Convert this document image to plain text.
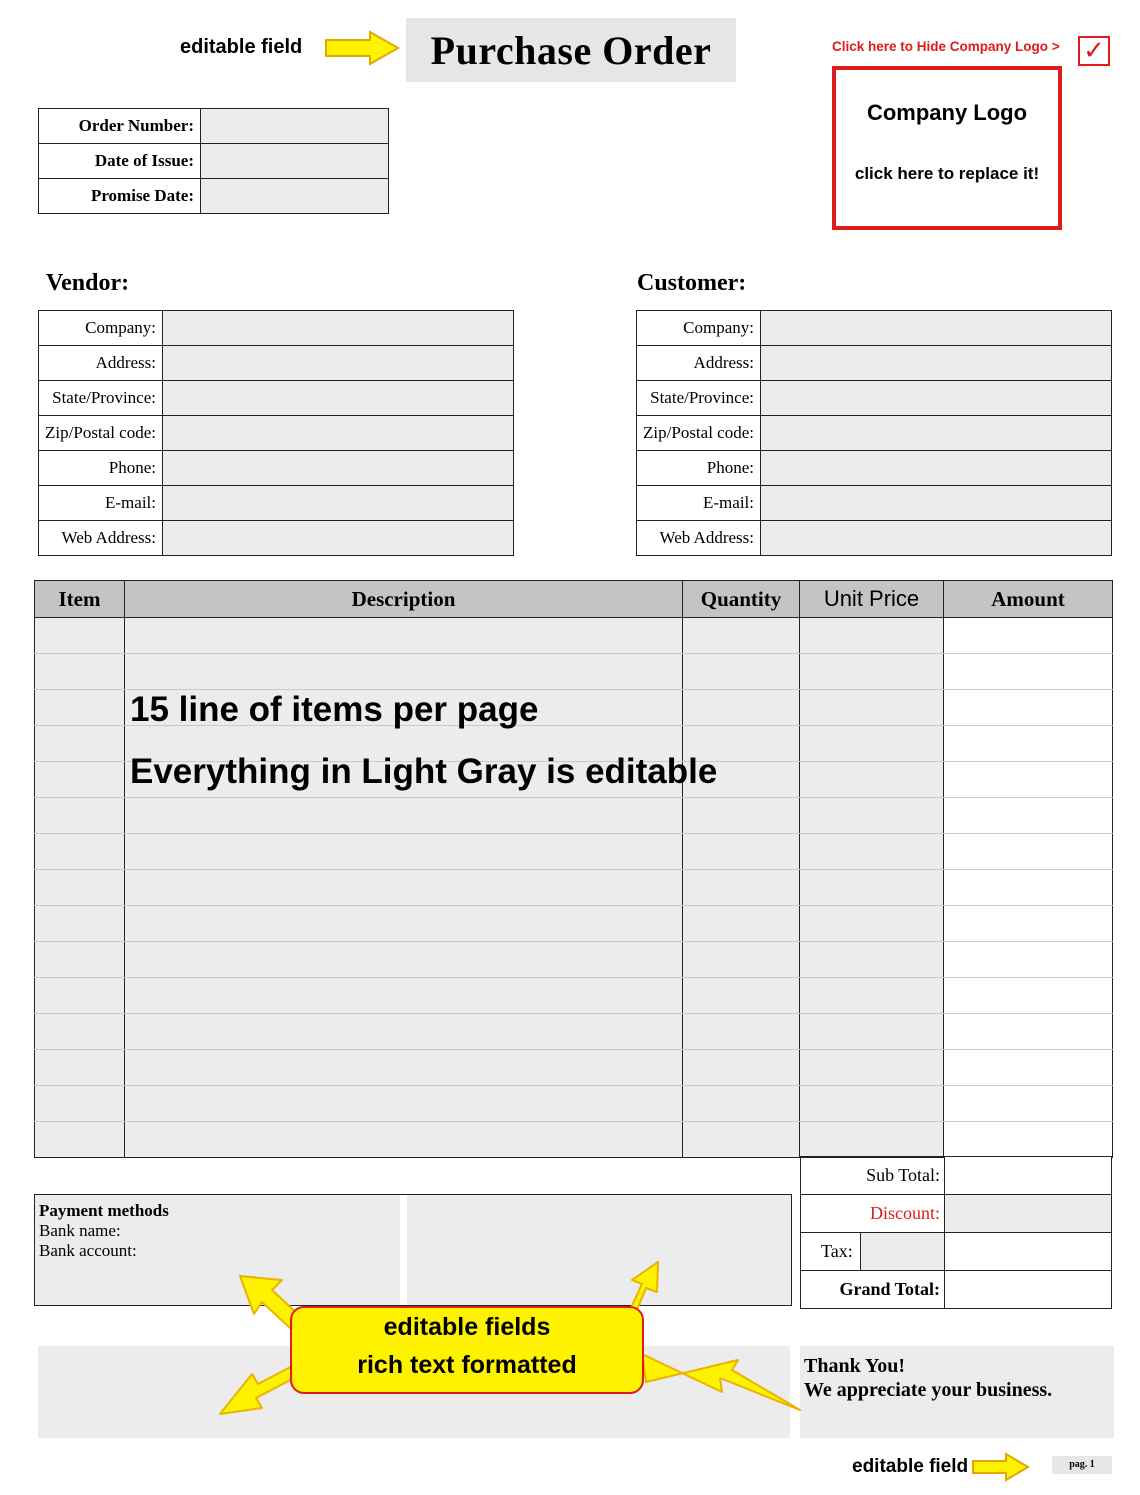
editable field	Purchase Order	Click here to Hide Company Logo > ✓
Company Logo
click here to replace it!
Order Number:	
Date of Issue:	
Promise Date:	
Vendor:
Company:	
Address:	
State/Province:	
Zip/Postal code:	
Phone:	
E-mail:	
Web Address:	
Customer:
Company:	
Address:	
State/Province:	
Zip/Postal code:	
Phone:	
E-mail:	
Web Address:	
Item	Description	Quantity	Unit Price	Amount

15 line of items per page
Everything in Light Gray is editable
Sub Total:		
Discount:		
Tax:		
Grand Total:		
Payment methods
Bank name:
Bank account:
Thank You!
We appreciate your business.
editable fields
rich text formatted
editable field	pag. 1
